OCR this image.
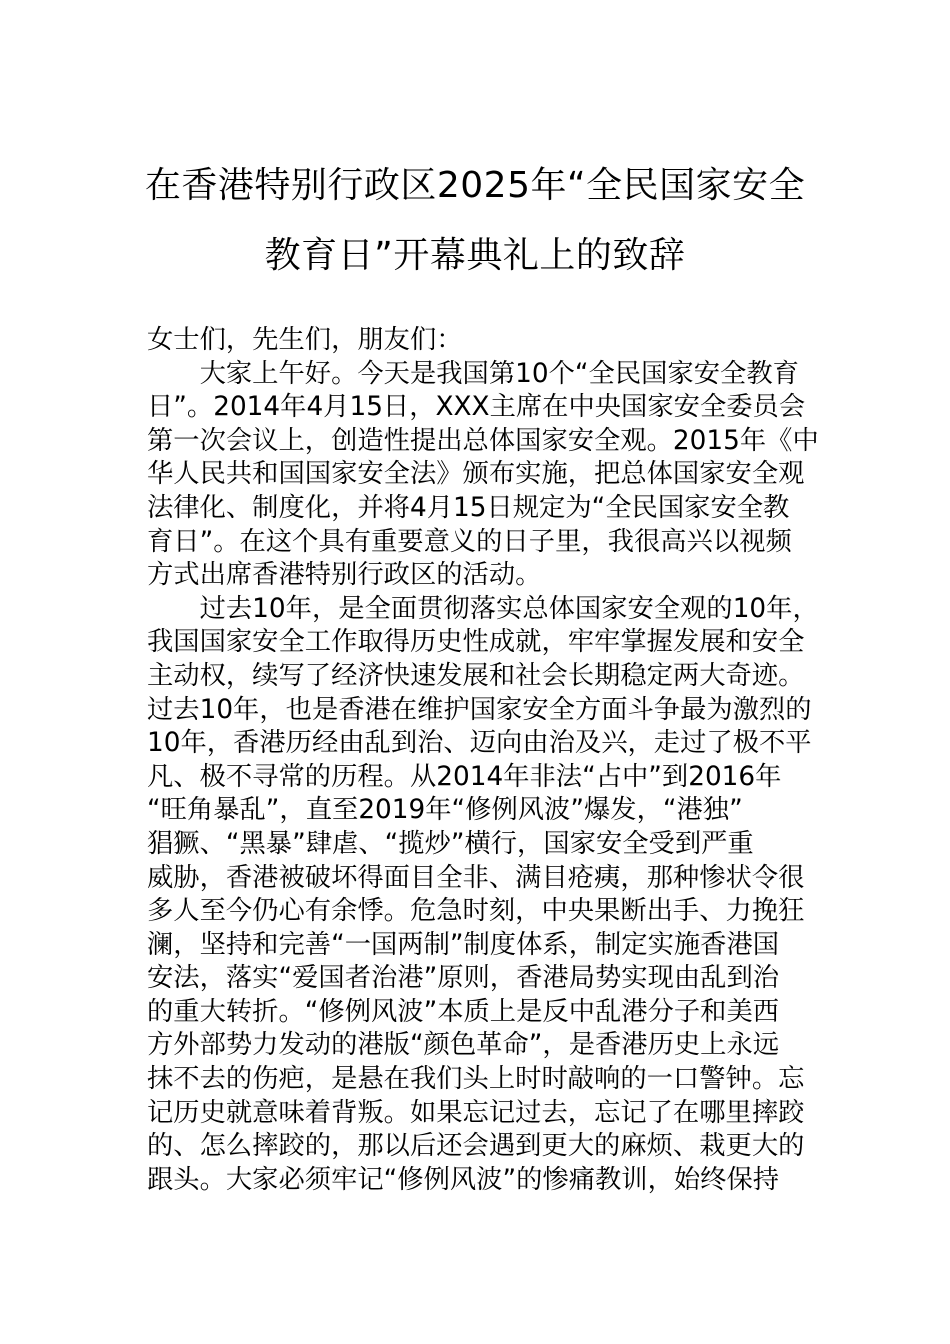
在香港特别行政区2025年“全民国家安全
教育日”开幕典礼上的致辞
女士们，先生们，朋友们：
　　大家上午好。今天是我国第10个“全民国家安全教育
日”。2014年4月15日，XXX主席在中央国家安全委员会
第一次会议上，创造性提出总体国家安全观。2015年《中
华人民共和国国家安全法》颁布实施，把总体国家安全观
法律化、制度化，并将4月15日规定为“全民国家安全教
育日”。在这个具有重要意义的日子里，我很高兴以视频
方式出席香港特别行政区的活动。
　　过去10年，是全面贯彻落实总体国家安全观的10年，
我国国家安全工作取得历史性成就，牢牢掌握发展和安全
主动权，续写了经济快速发展和社会长期稳定两大奇迹。
过去10年，也是香港在维护国家安全方面斗争最为激烈的
10年，香港历经由乱到治、迈向由治及兴，走过了极不平
凡、极不寻常的历程。从2014年非法“占中”到2016年
“旺角暴乱”，直至2019年“修例风波”爆发，“港独”
猖獗、“黑暴”肆虐、“揽炒”横行，国家安全受到严重
威胁，香港被破坏得面目全非、满目疮痍，那种惨状令很
多人至今仍心有余悸。危急时刻，中央果断出手、力挽狂
澜，坚持和完善“一国两制”制度体系，制定实施香港国
安法，落实“爱国者治港”原则，香港局势实现由乱到治
的重大转折。“修例风波”本质上是反中乱港分子和美西
方外部势力发动的港版“颜色革命”，是香港历史上永远
抹不去的伤疤，是悬在我们头上时时敲响的一口警钟。忘
记历史就意味着背叛。如果忘记过去，忘记了在哪里摔跤
的、怎么摔跤的，那以后还会遇到更大的麻烦、栽更大的
跟头。大家必须牢记“修例风波”的惨痛教训，始终保持
